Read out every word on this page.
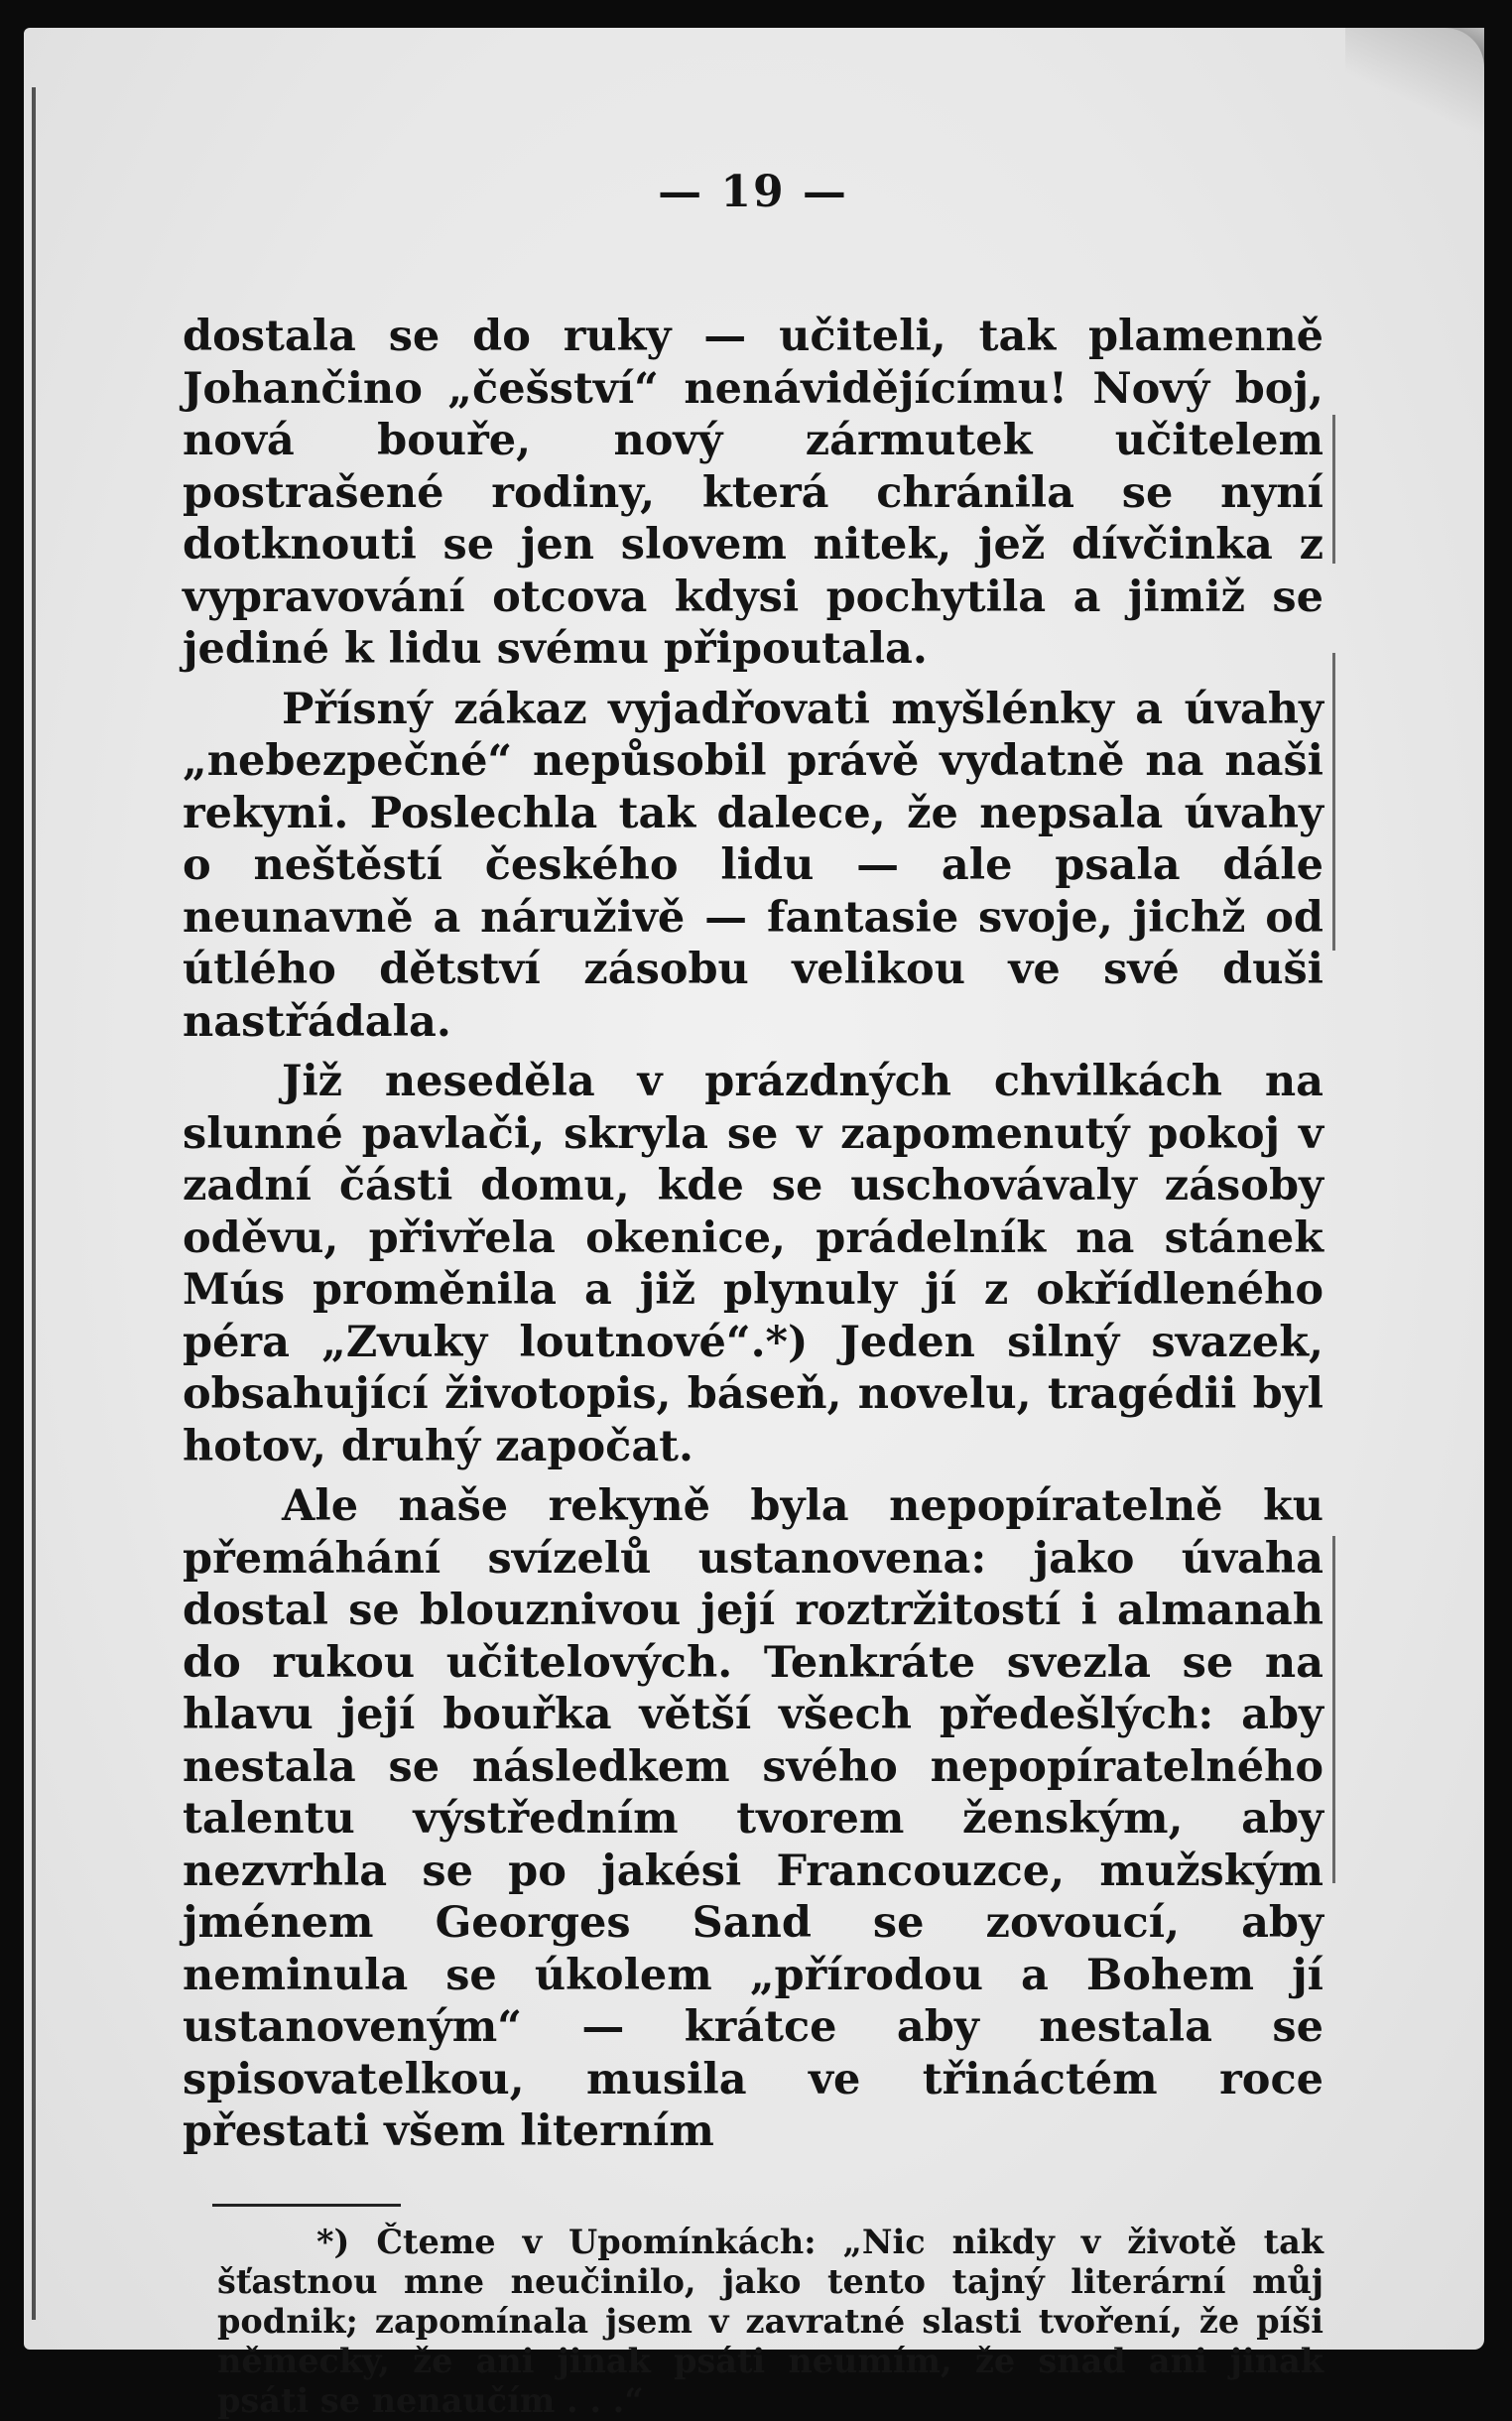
— 19 —

dostala se do ruky — učiteli, tak plamenně Johančino „češství“ nenávidějícímu! Nový boj, nová bouře, nový zármutek učitelem postrašené rodiny, která chránila se nyní dotknouti se jen slovem nitek, jež dívčinka z vypravování otcova kdysi pochytila a jimiž se jediné k lidu svému připoutala.

Přísný zákaz vyjadřovati myšlénky a úvahy „nebezpečné“ nepůsobil právě vydatně na naši rekyni. Poslechla tak dalece, že nepsala úvahy o neštěstí českého lidu — ale psala dále neunavně a náruživě — fantasie svoje, jichž od útlého dětství zásobu velikou ve své duši nastřádala.

Již neseděla v prázdných chvilkách na slunné pavlači, skryla se v zapomenutý pokoj v zadní části domu, kde se uschovávaly zásoby oděvu, přivřela okenice, prádelník na stánek Mús proměnila a již plynuly jí z okřídleného péra „Zvuky loutnové“.*) Jeden silný svazek, obsahující životopis, báseň, novelu, tragédii byl hotov, druhý započat.

Ale naše rekyně byla nepopíratelně ku přemáhání svízelů ustanovena: jako úvaha dostal se blouznivou její roztržitostí i almanah do rukou učitelových. Tenkráte svezla se na hlavu její bouřka větší všech předešlých: aby nestala se následkem svého nepopíratelného talentu výstředním tvorem ženským, aby nezvrhla se po jakési Francouzce, mužským jménem Georges Sand se zovoucí, aby neminula se úkolem „přírodou a Bohem jí ustanoveným“ — krátce aby nestala se spisovatelkou, musila ve třináctém roce přestati všem literním

*) Čteme v Upomínkách: „Nic nikdy v životě tak šťastnou mne neučinilo, jako tento tajný literární můj podnik; zapomínala jsem v zavratné slasti tvoření, že píši německy, že ani jinak psáti neumím, že snad ani jinak psáti se nenaučím . . .“
